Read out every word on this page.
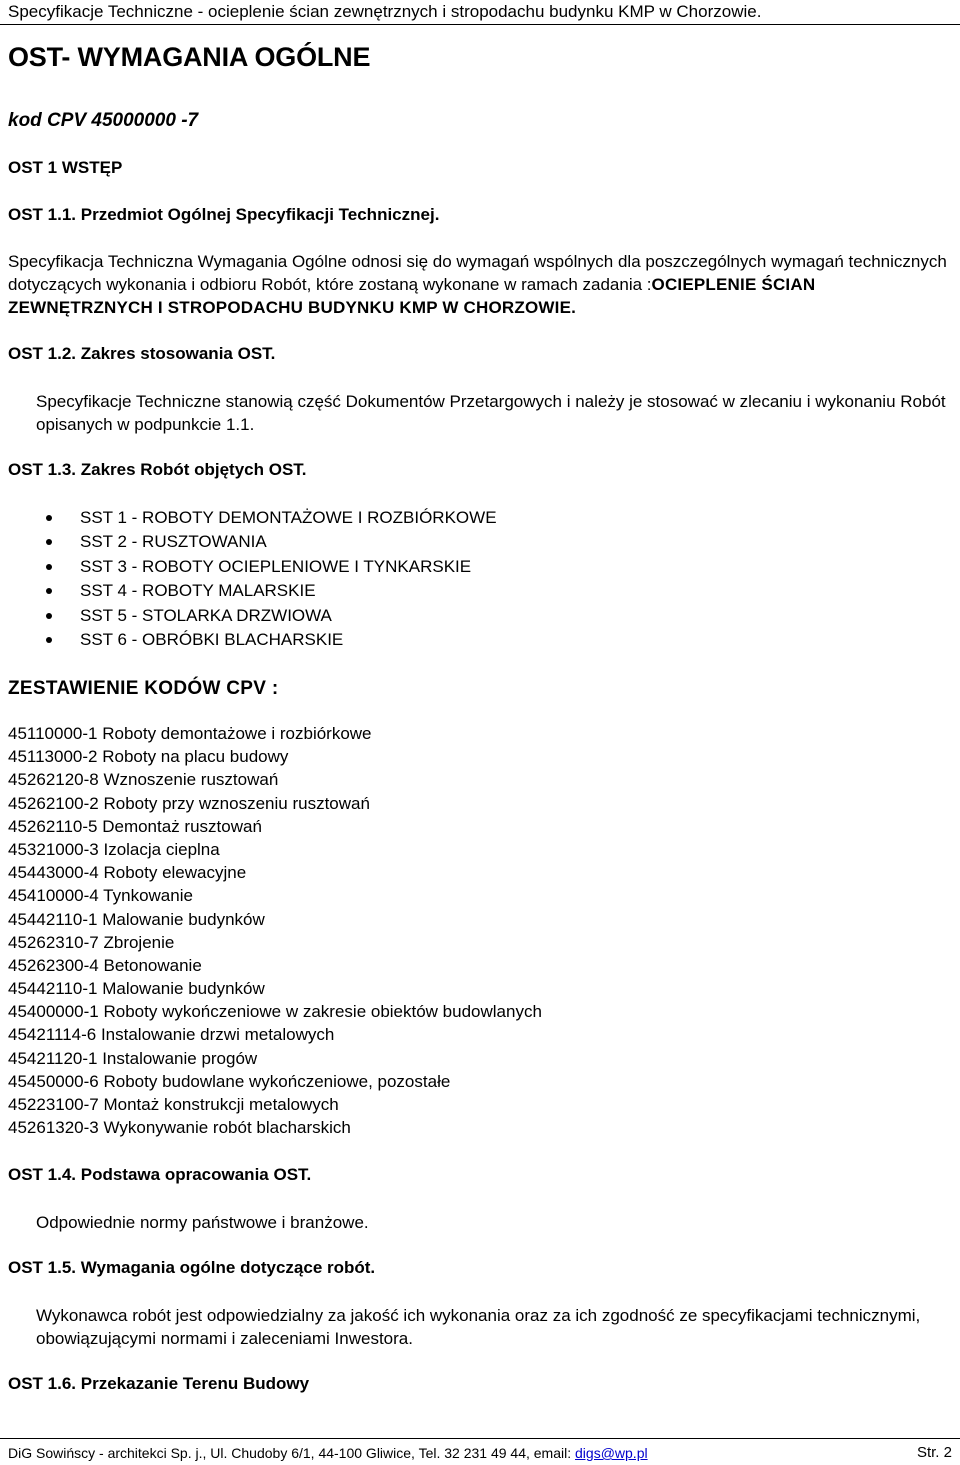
Specyfikacje Techniczne - ocieplenie ścian zewnętrznych i stropodachu budynku KMP w Chorzowie.
OST- WYMAGANIA OGÓLNE
kod CPV 45000000 -7
OST 1 WSTĘP
OST 1.1. Przedmiot Ogólnej Specyfikacji Technicznej.
Specyfikacja Techniczna Wymagania Ogólne odnosi się do wymagań wspólnych dla poszczególnych wymagań technicznych dotyczących wykonania i odbioru Robót, które zostaną wykonane w ramach zadania :OCIEPLENIE ŚCIAN ZEWNĘTRZNYCH I STROPODACHU BUDYNKU KMP W CHORZOWIE.
OST 1.2. Zakres stosowania OST.
Specyfikacje Techniczne stanowią część Dokumentów Przetargowych i należy je stosować w zlecaniu i wykonaniu Robót opisanych w podpunkcie 1.1.
OST 1.3. Zakres Robót objętych OST.
SST 1 - ROBOTY DEMONTAŻOWE I ROZBIÓRKOWE
SST 2 - RUSZTOWANIA
SST 3 - ROBOTY OCIEPLENIOWE I TYNKARSKIE
SST 4 - ROBOTY MALARSKIE
SST 5 - STOLARKA DRZWIOWA
SST 6 - OBRÓBKI BLACHARSKIE
ZESTAWIENIE KODÓW CPV :
45110000-1 Roboty demontażowe i rozbiórkowe
45113000-2 Roboty na placu budowy
45262120-8 Wznoszenie rusztowań
45262100-2 Roboty przy wznoszeniu rusztowań
45262110-5 Demontaż rusztowań
45321000-3 Izolacja cieplna
45443000-4 Roboty elewacyjne
45410000-4 Tynkowanie
45442110-1 Malowanie budynków
45262310-7 Zbrojenie
45262300-4 Betonowanie
45442110-1 Malowanie budynków
45400000-1 Roboty wykończeniowe w zakresie obiektów budowlanych
45421114-6 Instalowanie drzwi metalowych
45421120-1 Instalowanie progów
45450000-6 Roboty budowlane wykończeniowe, pozostałe
45223100-7 Montaż konstrukcji metalowych
45261320-3 Wykonywanie robót blacharskich
OST 1.4. Podstawa opracowania OST.
Odpowiednie normy państwowe i branżowe.
OST 1.5. Wymagania ogólne dotyczące robót.
Wykonawca robót jest odpowiedzialny za jakość ich wykonania oraz za ich zgodność ze specyfikacjami technicznymi, obowiązującymi normami i zaleceniami Inwestora.
OST 1.6. Przekazanie Terenu Budowy
DiG Sowińscy - architekci Sp. j., Ul. Chudoby 6/1, 44-100 Gliwice, Tel. 32 231 49 44, email: digs@wp.pl	Str. 2
